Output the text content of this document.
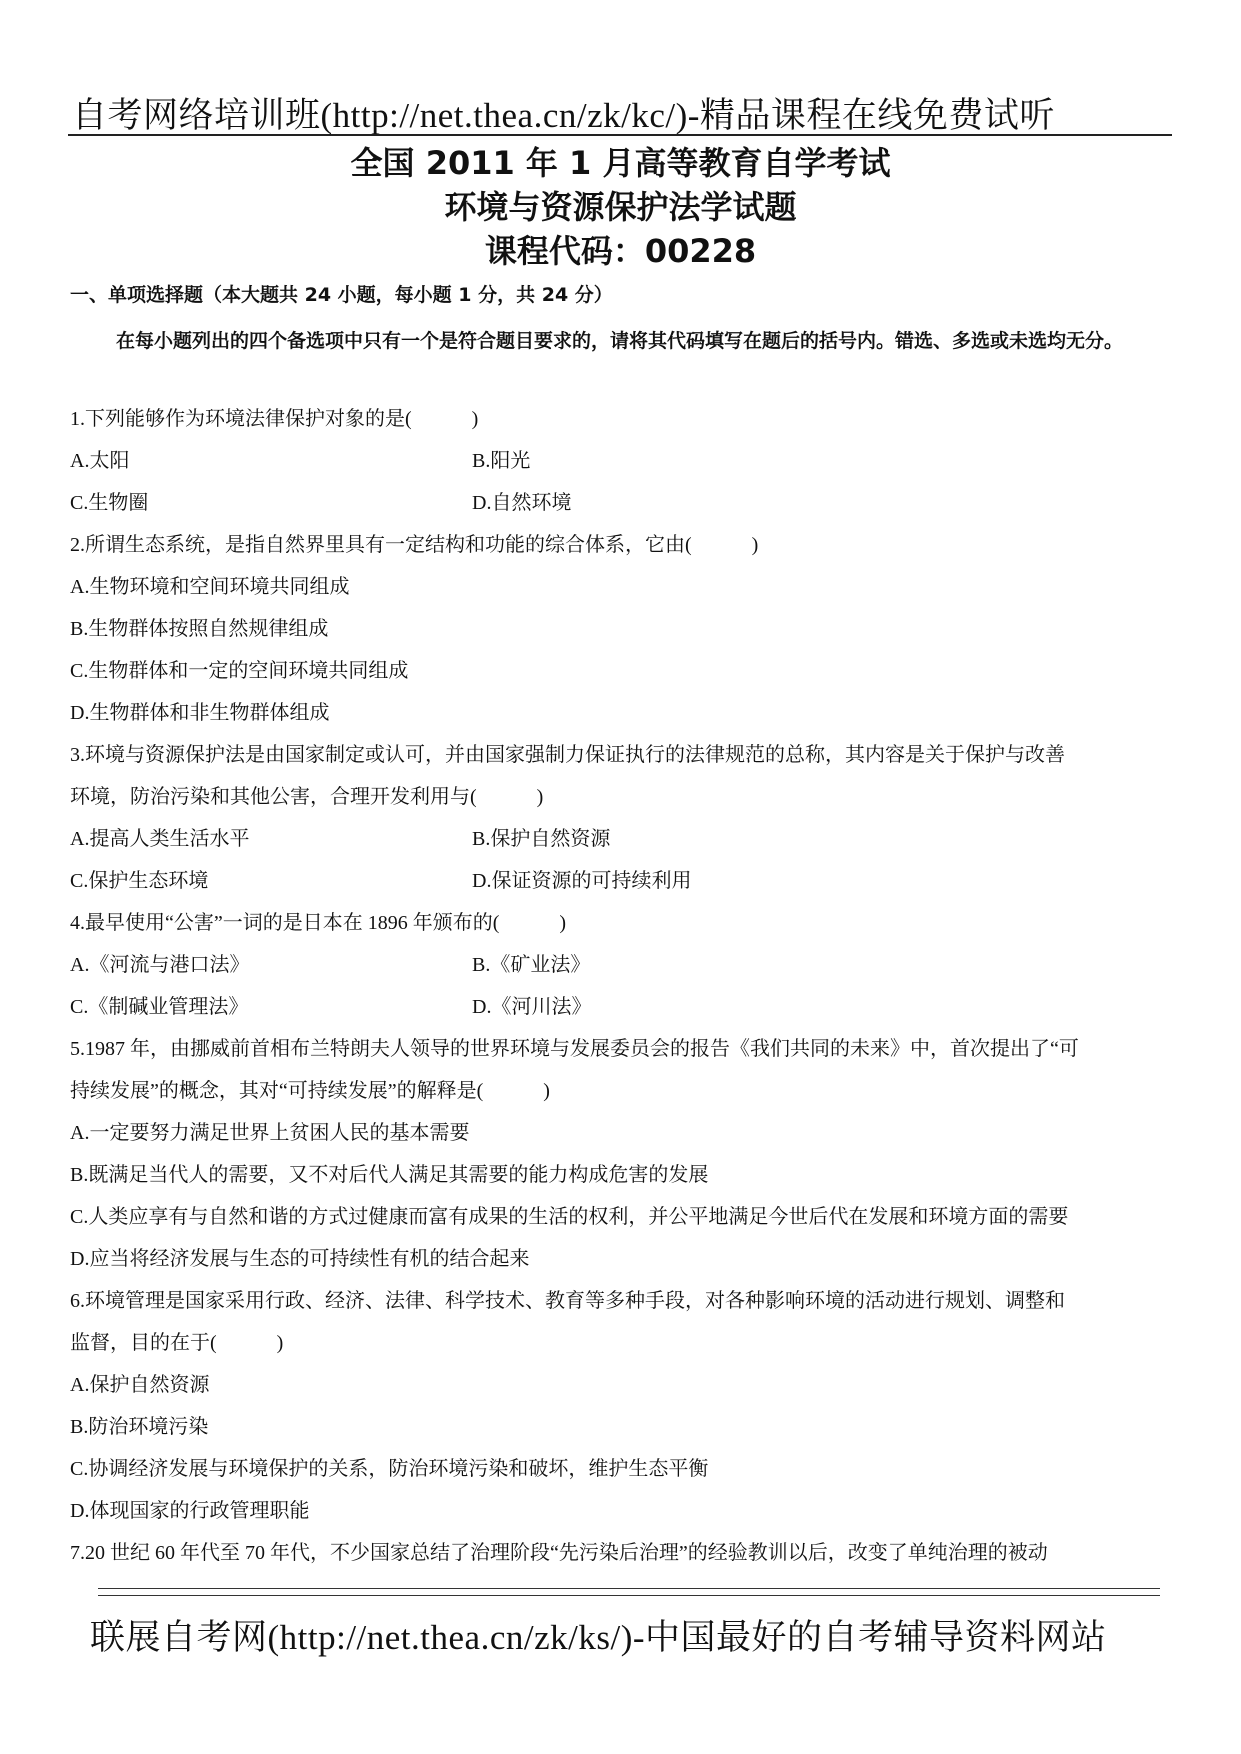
自考网络培训班(http://net.thea.cn/zk/kc/)-精品课程在线免费试听
全国 2011 年 1 月高等教育自学考试
环境与资源保护法学试题
课程代码：00228
一、单项选择题（本大题共 24 小题，每小题 1 分，共 24 分）
在每小题列出的四个备选项中只有一个是符合题目要求的，请将其代码填写在题后的括号内。错选、多选或未选均无分。
1.下列能够作为环境法律保护对象的是(　　　)
A.太阳	B.阳光
C.生物圈	D.自然环境
2.所谓生态系统，是指自然界里具有一定结构和功能的综合体系，它由(　　　)
A.生物环境和空间环境共同组成
B.生物群体按照自然规律组成
C.生物群体和一定的空间环境共同组成
D.生物群体和非生物群体组成
3.环境与资源保护法是由国家制定或认可，并由国家强制力保证执行的法律规范的总称，其内容是关于保护与改善
环境，防治污染和其他公害，合理开发利用与(　　　)
A.提高人类生活水平	B.保护自然资源
C.保护生态环境	D.保证资源的可持续利用
4.最早使用“公害”一词的是日本在 1896 年颁布的(　　　)
A.《河流与港口法》	B.《矿业法》
C.《制碱业管理法》	D.《河川法》
5.1987 年，由挪威前首相布兰特朗夫人领导的世界环境与发展委员会的报告《我们共同的未来》中，首次提出了“可
持续发展”的概念，其对“可持续发展”的解释是(　　　)
A.一定要努力满足世界上贫困人民的基本需要
B.既满足当代人的需要，又不对后代人满足其需要的能力构成危害的发展
C.人类应享有与自然和谐的方式过健康而富有成果的生活的权利，并公平地满足今世后代在发展和环境方面的需要
D.应当将经济发展与生态的可持续性有机的结合起来
6.环境管理是国家采用行政、经济、法律、科学技术、教育等多种手段，对各种影响环境的活动进行规划、调整和
监督，目的在于(　　　)
A.保护自然资源
B.防治环境污染
C.协调经济发展与环境保护的关系，防治环境污染和破坏，维护生态平衡
D.体现国家的行政管理职能
7.20 世纪 60 年代至 70 年代，不少国家总结了治理阶段“先污染后治理”的经验教训以后，改变了单纯治理的被动
联展自考网(http://net.thea.cn/zk/ks/)-中国最好的自考辅导资料网站
